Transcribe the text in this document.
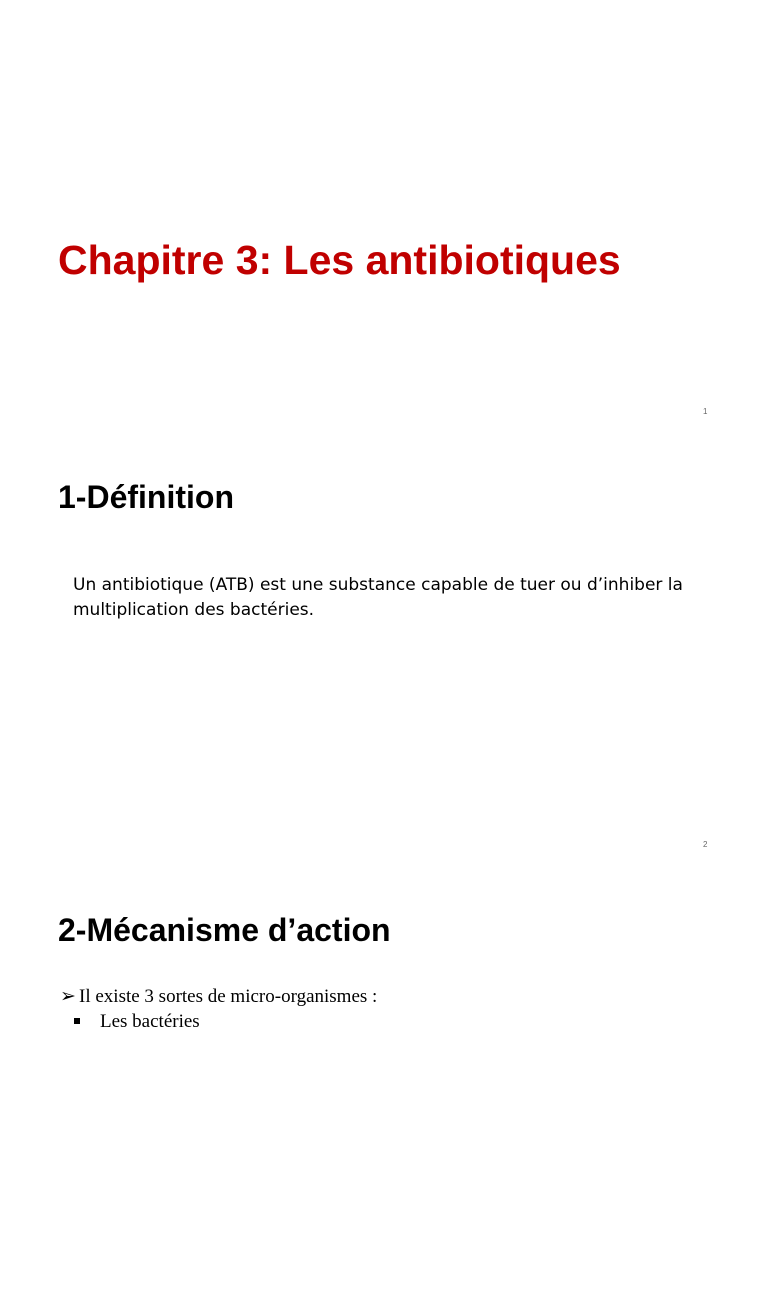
Chapitre 3: Les antibiotiques
1
1-Définition

Un antibiotique (ATB) est une substance capable de tuer ou d’inhiber la multiplication des bactéries.

2
2-Mécanisme d’action
➢ Il existe 3 sortes de micro-organismes :
Les bactéries
